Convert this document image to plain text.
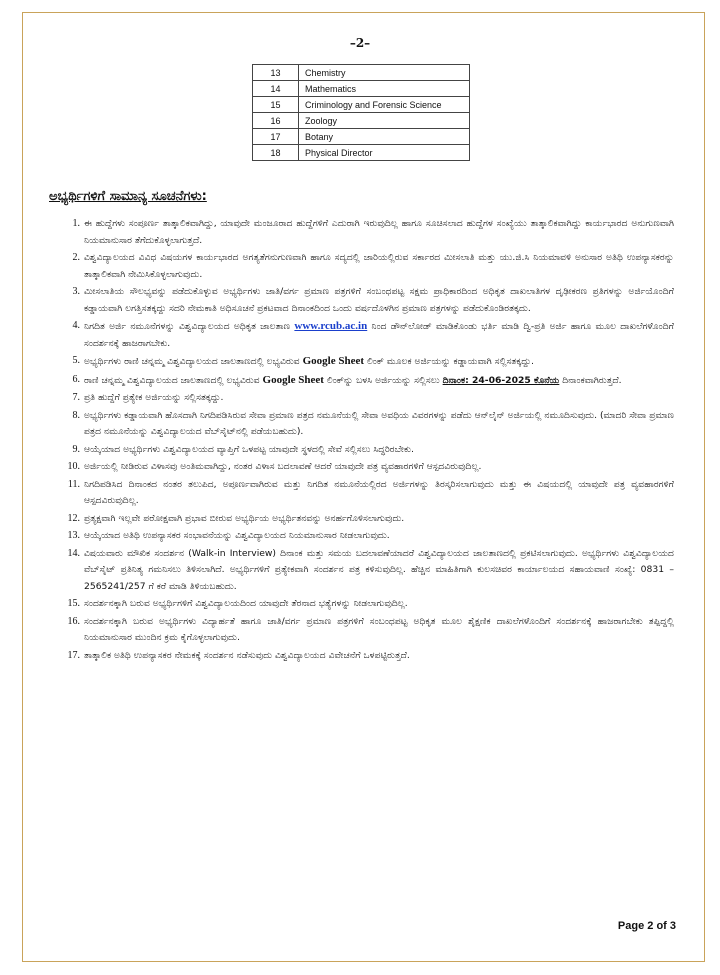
–2–
13	Chemistry
14	Mathematics
15	Criminology and Forensic Science
16	Zoology
17	Botany
18	Physical Director
ಅಭ್ಯರ್ಥಿಗಳಿಗೆ ಸಾಮಾನ್ಯ ಸೂಚನೆಗಳು:
1. ಈ ಹುದ್ದೆಗಳು ಸಂಪೂರ್ಣ ತಾತ್ಕಾಲಿಕವಾಗಿದ್ದು, ಯಾವುದೇ ಮಂಜೂರಾದ ಹುದ್ದೆಗಳಿಗೆ ಎದುರಾಗಿ ಇರುವುದಿಲ್ಲ ಹಾಗೂ ಸೂಚಿಸಲಾದ ಹುದ್ದೆಗಳ ಸಂಖ್ಯೆಯು ತಾತ್ಕಾಲಿಕವಾಗಿದ್ದು ಕಾರ್ಯಭಾರದ ಅನುಗುಣವಾಗಿ ನಿಯಮಾನುಸಾರ ತೆಗೆದುಕೊಳ್ಳಲಾಗುತ್ತದೆ.
2. ವಿಶ್ವವಿದ್ಯಾಲಯದ ವಿವಿಧ ವಿಷಯಗಳ ಕಾರ್ಯಭಾರದ ಅಗತ್ಯತೆಗನುಗುಣವಾಗಿ ಹಾಗೂ ಸದ್ಯದಲ್ಲಿ ಜಾರಿಯಲ್ಲಿರುವ ಸರ್ಕಾರದ ಮೀಸಲಾತಿ ಮತ್ತು ಯು.ಜಿ.ಸಿ ನಿಯಮಾವಳಿ ಅನುಸಾರ ಅತಿಥಿ ಉಪನ್ಯಾಸಕರನ್ನು ತಾತ್ಕಾಲಿಕವಾಗಿ ನೇಮಿಸಿಕೊಳ್ಳಲಾಗುವುದು.
3. ಮೀಸಲಾತಿಯ ಸೌಲಭ್ಯವನ್ನು ಪಡೆದುಕೊಳ್ಳುವ ಅಭ್ಯರ್ಥಿಗಳು ಜಾತಿ/ವರ್ಗ ಪ್ರಮಾಣ ಪತ್ರಗಳಿಗೆ ಸಂಬಂಧಪಟ್ಟ ಸಕ್ಷಮ ಪ್ರಾಧಿಕಾರದಿಂದ ಅಧಿಕೃತ ದಾಖಲಾತಿಗಳ ದೃಢೀಕರಣ ಪ್ರತಿಗಳನ್ನು ಅರ್ಜಿಯೊಂದಿಗೆ ಕಡ್ಡಾಯವಾಗಿ ಲಗತ್ತಿಸತಕ್ಕದ್ದು ಸದರಿ ನೇಮಕಾತಿ ಅಧಿಸೂಚನೆ ಪ್ರಕಟವಾದ ದಿನಾಂಕದಿಂದ ಒಂದು ವರ್ಷದೊಳಗಿನ ಪ್ರಮಾಣ ಪತ್ರಗಳನ್ನು ಪಡೆದುಕೊಂಡಿರತಕ್ಕದು.
4. ನಿಗದಿತ ಅರ್ಜಿ ನಮೂನೆಗಳನ್ನು ವಿಶ್ವವಿದ್ಯಾಲಯದ ಅಧಿಕೃತ ಜಾಲತಾಣ www.rcub.ac.in ನಿಂದ ಡೌನ್‌ಲೋಡ್ ಮಾಡಿಕೊಂಡು ಭರ್ತಿ ಮಾಡಿ ದ್ವಿ-ಪ್ರತಿ ಅರ್ಜಿ ಹಾಗೂ ಮೂಲ ದಾಖಲೆಗಳೊಂದಿಗೆ ಸಂದರ್ಶನಕ್ಕೆ ಹಾಜರಾಗಬೇಕು.
5. ಅಭ್ಯರ್ಥಿಗಳು ರಾಣಿ ಚನ್ನಮ್ಮ ವಿಶ್ವವಿದ್ಯಾಲಯದ ಜಾಲತಾಣದಲ್ಲಿ ಲಭ್ಯವಿರುವ Google Sheet ಲಿಂಕ್ ಮೂಲಕ ಅರ್ಜಿಯನ್ನು ಕಡ್ಡಾಯವಾಗಿ ಸಲ್ಲಿಸತಕ್ಕದ್ದು.
6. ರಾಣಿ ಚನ್ನಮ್ಮ ವಿಶ್ವವಿದ್ಯಾಲಯದ ಜಾಲತಾಣದಲ್ಲಿ ಲಭ್ಯವಿರುವ Google Sheet ಲಿಂಕ್‌ನ್ನು ಬಳಸಿ ಅರ್ಜಿಯನ್ನು ಸಲ್ಲಿಸಲು ದಿನಾಂಕ: 24-06-2025 ಕೊನೆಯ ದಿನಾಂಕವಾಗಿರುತ್ತದೆ.
7. ಪ್ರತಿ ಹುದ್ದೆಗೆ ಪ್ರತ್ಯೇಕ ಅರ್ಜಿಯನ್ನು ಸಲ್ಲಿಸತಕ್ಕದ್ದು.
8. ಅಭ್ಯರ್ಥಿಗಳು ಕಡ್ಡಾಯವಾಗಿ ಹೊಸದಾಗಿ ನಿಗದಿಪಡಿಸಿರುವ ಸೇವಾ ಪ್ರಮಾಣ ಪತ್ರದ ನಮೂನೆಯಲ್ಲಿ ಸೇವಾ ಅವಧಿಯ ವಿವರಗಳನ್ನು ಪಡೆದು ಆನ್‌ಲೈನ್ ಅರ್ಜಿಯಲ್ಲಿ ನಮೂದಿಸುವುದು. (ಮಾದರಿ ಸೇವಾ ಪ್ರಮಾಣ ಪತ್ರದ ನಮೂನೆಯನ್ನು ವಿಶ್ವವಿದ್ಯಾಲಯದ ವೆಬ್‌ಸೈಟ್‌ನಲ್ಲಿ ಪಡೆಯಬಹುದು).
9. ಆಯ್ಕೆಯಾದ ಅಭ್ಯರ್ಥಿಗಳು ವಿಶ್ವವಿದ್ಯಾಲಯದ ವ್ಯಾಪ್ತಿಗೆ ಒಳಪಟ್ಟ ಯಾವುದೇ ಸ್ಥಳದಲ್ಲಿ ಸೇವೆ ಸಲ್ಲಿಸಲು ಸಿದ್ಧರಿರಬೇಕು.
10. ಅರ್ಜಿಯಲ್ಲಿ ನೀಡಿರುವ ವಿಳಾಸವು ಅಂತಿಮವಾಗಿದ್ದು, ನಂತರ ವಿಳಾಸ ಬದಲಾವಣೆ ಆದರೆ ಯಾವುದೇ ಪತ್ರ ವ್ಯವಹಾರಗಳಿಗೆ ಆಸ್ಪದವಿರುವುದಿಲ್ಲ.
11. ನಿಗದಿಪಡಿಸಿದ ದಿನಾಂಕದ ನಂತರ ತಲುಪಿದ, ಅಪೂರ್ಣವಾಗಿರುವ ಮತ್ತು ನಿಗದಿತ ನಮೂನೆಯಲ್ಲಿರದ ಅರ್ಜಿಗಳನ್ನು ತಿರಸ್ಕರಿಸಲಾಗುವುದು ಮತ್ತು ಈ ವಿಷಯದಲ್ಲಿ ಯಾವುದೇ ಪತ್ರ ವ್ಯವಹಾರಗಳಿಗೆ ಆಸ್ಪದವಿರುವುದಿಲ್ಲ.
12. ಪ್ರತ್ಯಕ್ಷವಾಗಿ ಇಲ್ಲವೇ ಪರೋಕ್ಷವಾಗಿ ಪ್ರಭಾವ ಬೀರುವ ಅಭ್ಯರ್ಥಿಯ ಅಭ್ಯರ್ಥಿತನವನ್ನು ಅನರ್ಹಗೊಳಿಸಲಾಗುವುದು.
13. ಆಯ್ಕೆಯಾದ ಅತಿಥಿ ಉಪನ್ಯಾಸಕರ ಸಂಭಾವನೆಯನ್ನು ವಿಶ್ವವಿದ್ಯಾಲಯದ ನಿಯಮಾನುಸಾರ ನೀಡಲಾಗುವುದು.
14. ವಿಷಯವಾರು ಮೌಖಿಕ ಸಂದರ್ಶನ (Walk-in Interview) ದಿನಾಂಕ ಮತ್ತು ಸಮಯ ಬದಲಾವಣೆಯಾದರೆ ವಿಶ್ವವಿದ್ಯಾಲಯದ ಜಾಲತಾಣದಲ್ಲಿ ಪ್ರಕಟಿಸಲಾಗುವುದು. ಅಭ್ಯರ್ಥಿಗಳು ವಿಶ್ವವಿದ್ಯಾಲಯದ ವೆಬ್‌ಸೈಟ್ ಪ್ರತಿನಿತ್ಯ ಗಮನಿಸಲು ತಿಳಿಸಲಾಗಿದೆ. ಅಭ್ಯರ್ಥಿಗಳಿಗೆ ಪ್ರತ್ಯೇಕವಾಗಿ ಸಂದರ್ಶನ ಪತ್ರ ಕಳಿಸುವುದಿಲ್ಲ. ಹೆಚ್ಚಿನ ಮಾಹಿತಿಗಾಗಿ ಕುಲಸಚಿವರ ಕಾರ್ಯಾಲಯದ ಸಹಾಯವಾಣಿ ಸಂಖ್ಯೆ: 0831 – 2565241/257 ಗೆ ಕರೆ ಮಾಡಿ ತಿಳಿಯಬಹುದು.
15. ಸಂದರ್ಶನಕ್ಕಾಗಿ ಬರುವ ಅಭ್ಯರ್ಥಿಗಳಿಗೆ ವಿಶ್ವವಿದ್ಯಾಲಯದಿಂದ ಯಾವುದೇ ತೆರನಾದ ಭತ್ಯೆಗಳನ್ನು ನೀಡಲಾಗುವುದಿಲ್ಲ.
16. ಸಂದರ್ಶನಕ್ಕಾಗಿ ಬರುವ ಅಭ್ಯರ್ಥಿಗಳು ವಿದ್ಯಾರ್ಹತೆ ಹಾಗೂ ಜಾತಿ/ವರ್ಗ ಪ್ರಮಾಣ ಪತ್ರಗಳಿಗೆ ಸಂಬಂಧಪಟ್ಟ ಅಧಿಕೃತ ಮೂಲ ಶೈಕ್ಷಣಿಕ ದಾಖಲೆಗಳೊಂದಿಗೆ ಸಂದರ್ಶನಕ್ಕೆ ಹಾಜರಾಗಬೇಕು ತಪ್ಪಿದ್ದಲ್ಲಿ ನಿಯಮಾನುಸಾರ ಮುಂದಿನ ಕ್ರಮ ಕೈಗೊಳ್ಳಲಾಗುವುದು.
17. ತಾತ್ಕಾಲಿಕ ಅತಿಥಿ ಉಪನ್ಯಾಸಕರ ನೇಮಕಕ್ಕೆ ಸಂದರ್ಶನ ನಡೆಸುವುದು ವಿಶ್ವವಿದ್ಯಾಲಯದ ವಿವೇಚನೆಗೆ ಒಳಪಟ್ಟಿರುತ್ತದೆ.
Page 2 of 3
